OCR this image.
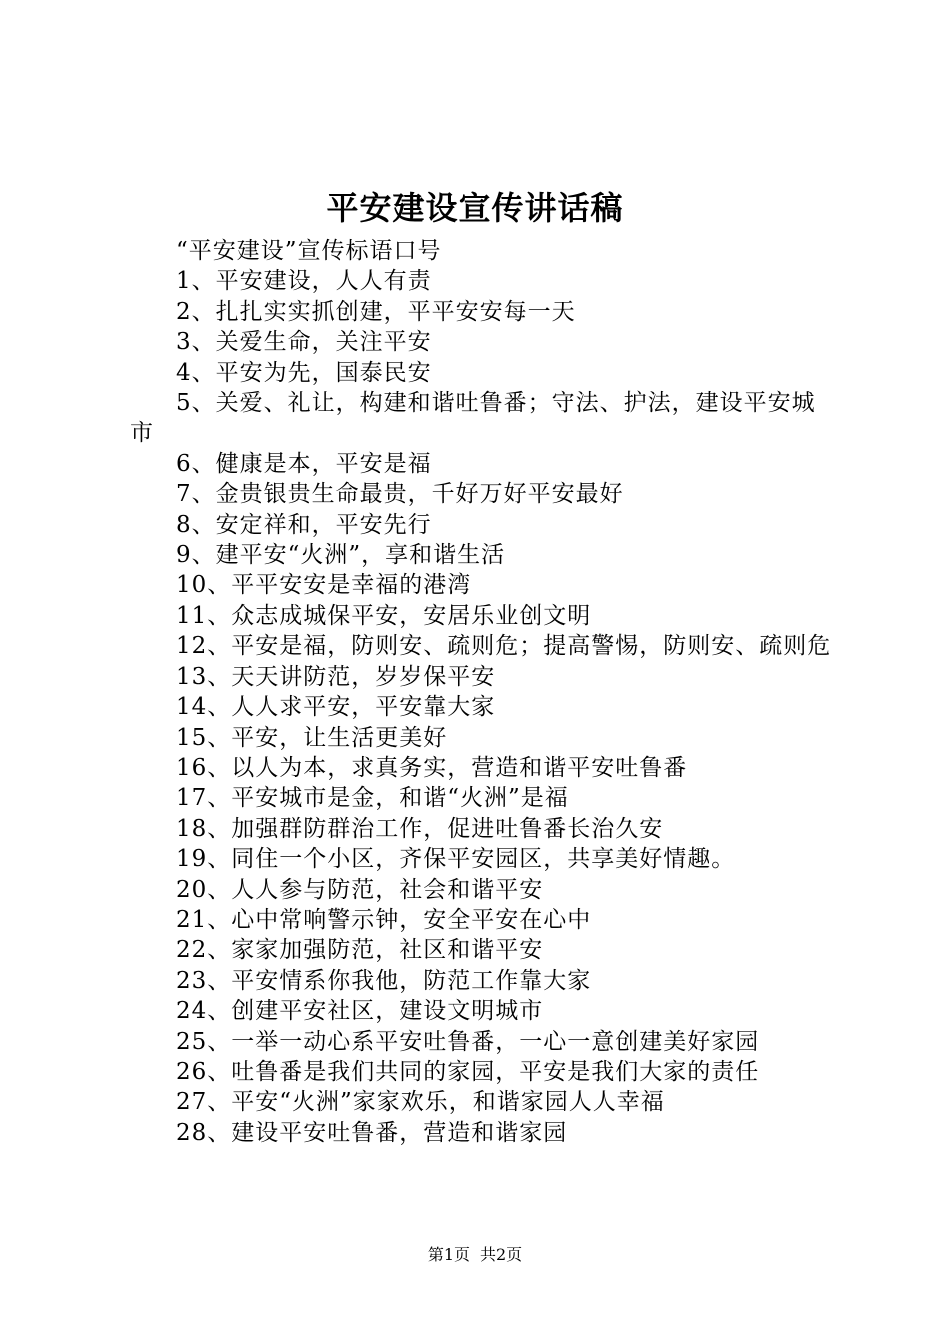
平安建设宣传讲话稿

“平安建设”宣传标语口号

1、平安建设，人人有责

2、扎扎实实抓创建，平平安安每一天

3、关爱生命，关注平安

4、平安为先，国泰民安

5、关爱、礼让，构建和谐吐鲁番；守法、护法，建设平安城市

6、健康是本，平安是福

7、金贵银贵生命最贵，千好万好平安最好

8、安定祥和，平安先行

9、建平安“火洲”，享和谐生活

10、平平安安是幸福的港湾

11、众志成城保平安，安居乐业创文明

12、平安是福，防则安、疏则危；提高警惕，防则安、疏则危

13、天天讲防范，岁岁保平安

14、人人求平安，平安靠大家

15、平安，让生活更美好

16、以人为本，求真务实，营造和谐平安吐鲁番

17、平安城市是金，和谐“火洲”是福

18、加强群防群治工作，促进吐鲁番长治久安

19、同住一个小区，齐保平安园区，共享美好情趣。

20、人人参与防范，社会和谐平安

21、心中常响警示钟，安全平安在心中

22、家家加强防范，社区和谐平安

23、平安情系你我他，防范工作靠大家

24、创建平安社区，建设文明城市

25、一举一动心系平安吐鲁番，一心一意创建美好家园

26、吐鲁番是我们共同的家园，平安是我们大家的责任

27、平安“火洲”家家欢乐，和谐家园人人幸福

28、建设平安吐鲁番，营造和谐家园

第1页 共2页
